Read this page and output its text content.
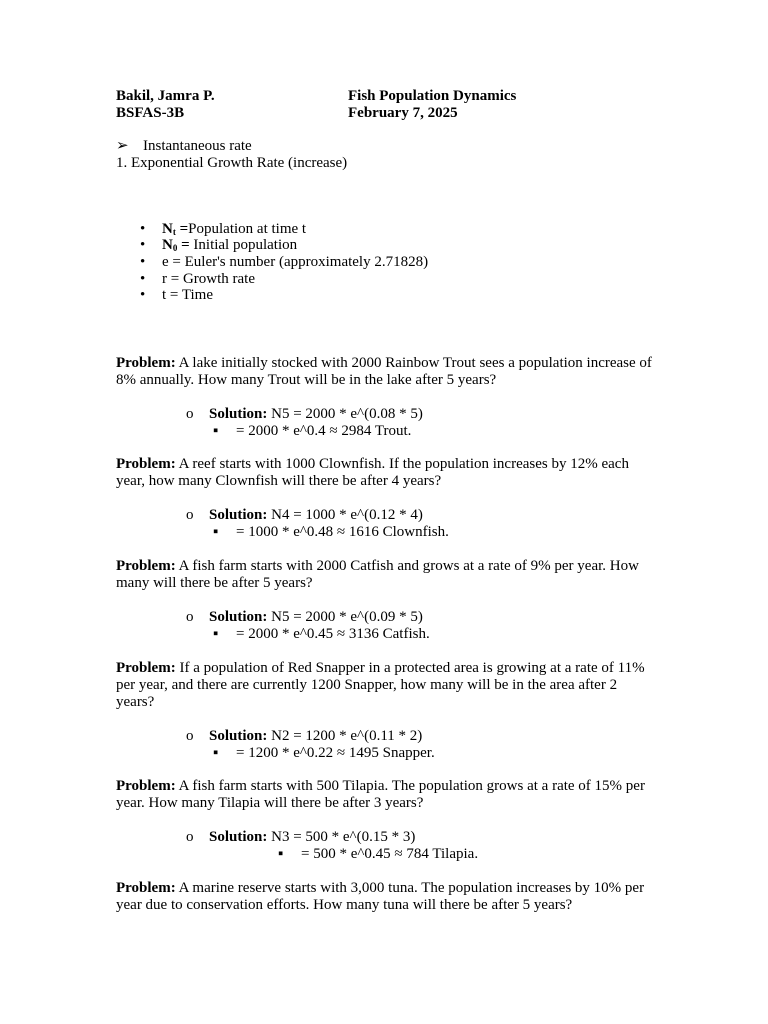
Bakil, Jamra P.	Fish Population Dynamics
BSFAS-3B	February 7, 2025
➢ Instantaneous rate
1. Exponential Growth Rate (increase)
• $N_t$ =Population at time t
• $N_0$ = Initial population
• e = Euler's number (approximately 2.71828)
• r = Growth rate
• t = Time
Problem: A lake initially stocked with 2000 Rainbow Trout sees a population increase of 8% annually. How many Trout will be in the lake after 5 years?
o Solution: N5 = 2000 * e^(0.08 * 5)
▪ = 2000 * e^0.4 ≈ 2984 Trout.
Problem: A reef starts with 1000 Clownfish. If the population increases by 12% each year, how many Clownfish will there be after 4 years?
o Solution: N4 = 1000 * e^(0.12 * 4)
▪ = 1000 * e^0.48 ≈ 1616 Clownfish.
Problem: A fish farm starts with 2000 Catfish and grows at a rate of 9% per year. How many will there be after 5 years?
o Solution: N5 = 2000 * e^(0.09 * 5)
▪ = 2000 * e^0.45 ≈ 3136 Catfish.
Problem: If a population of Red Snapper in a protected area is growing at a rate of 11% per year, and there are currently 1200 Snapper, how many will be in the area after 2 years?
o Solution: N2 = 1200 * e^(0.11 * 2)
▪ = 1200 * e^0.22 ≈ 1495 Snapper.
Problem: A fish farm starts with 500 Tilapia. The population grows at a rate of 15% per year. How many Tilapia will there be after 3 years?
o Solution: N3 = 500 * e^(0.15 * 3)
▪ = 500 * e^0.45 ≈ 784 Tilapia.
Problem: A marine reserve starts with 3,000 tuna. The population increases by 10% per year due to conservation efforts. How many tuna will there be after 5 years?
